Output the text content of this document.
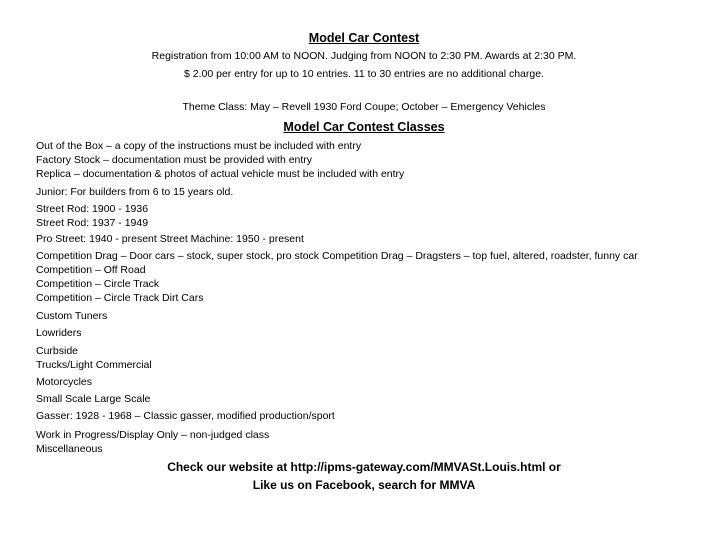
Model Car Contest
Registration from 10:00 AM to NOON. Judging from NOON to 2:30 PM. Awards at 2:30 PM.
$ 2.00 per entry for up to 10 entries. 11 to 30 entries are no additional charge.
Theme Class: May – Revell 1930 Ford Coupe; October – Emergency Vehicles
Model Car Contest Classes
Out of the Box – a copy of the instructions must be included with entry
Factory Stock – documentation must be provided with entry
Replica – documentation & photos of actual vehicle must be included with entry
Junior: For builders from 6 to 15 years old.
Street Rod: 1900 - 1936
Street Rod: 1937 - 1949
Pro Street: 1940 - present Street Machine: 1950 - present
Competition Drag – Door cars – stock, super stock, pro stock Competition Drag – Dragsters – top fuel, altered, roadster, funny car
Competition – Off Road
Competition – Circle Track
Competition – Circle Track Dirt Cars
Custom Tuners
Lowriders
Curbside
Trucks/Light Commercial
Motorcycles
Small Scale Large Scale
Gasser: 1928 - 1968 – Classic gasser, modified production/sport
Work in Progress/Display Only – non-judged class
Miscellaneous
Check our website at http://ipms-gateway.com/MMVASt.Louis.html or
Like us on Facebook, search for MMVA
